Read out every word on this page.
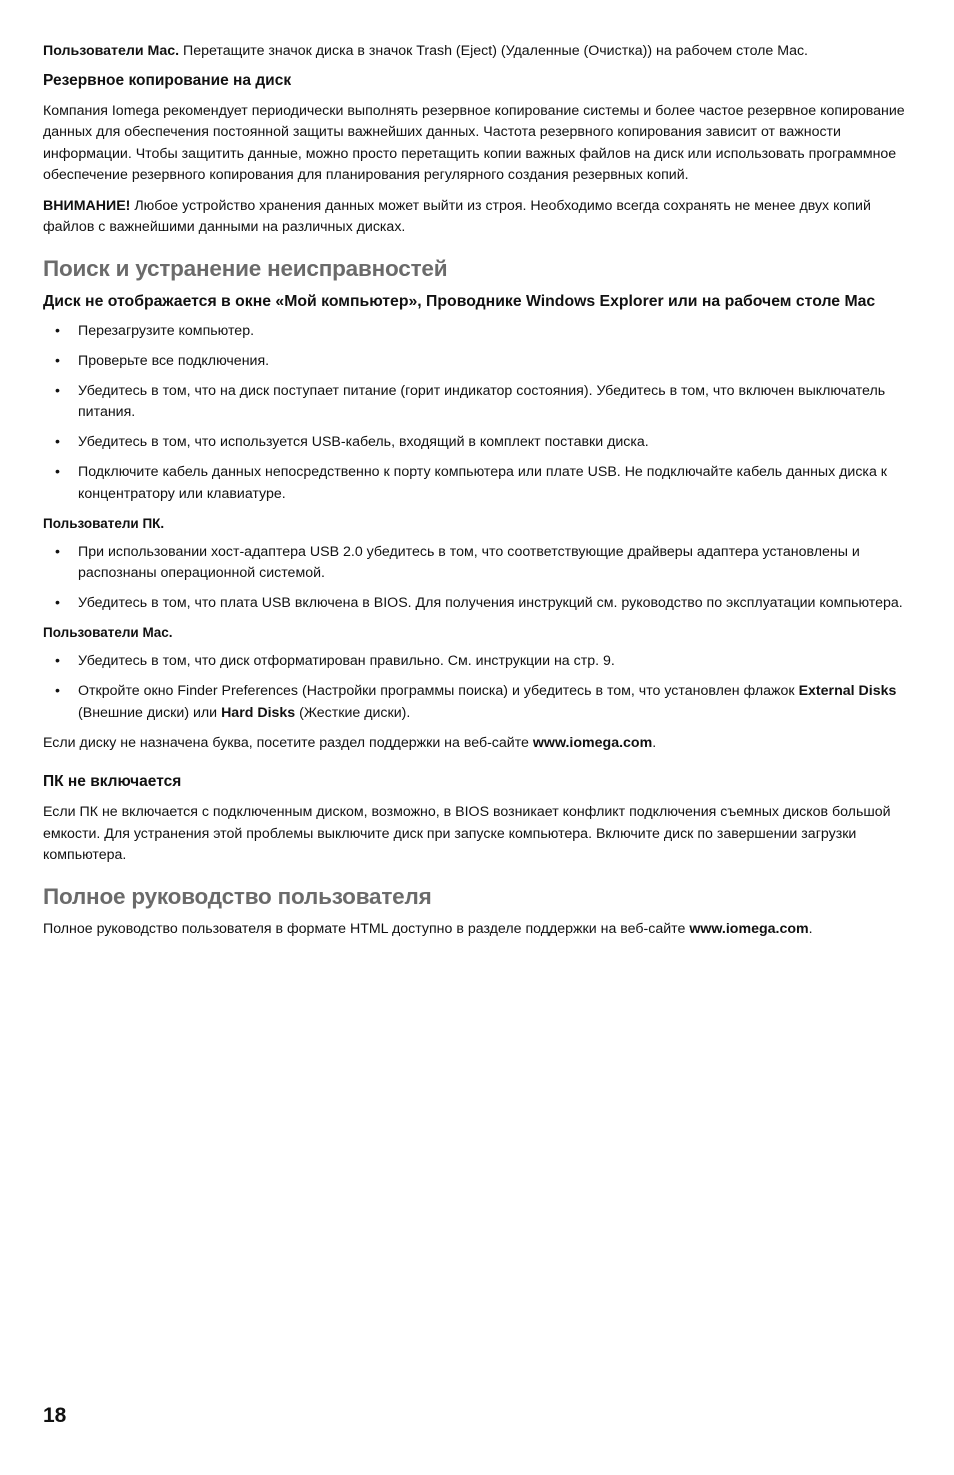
Пользователи Mac. Перетащите значок диска в значок Trash (Eject) (Удаленные (Очистка)) на рабочем столе Mac.

Резервное копирование на диск

Компания Iomega рекомендует периодически выполнять резервное копирование системы и более частое резервное копирование данных для обеспечения постоянной защиты важнейших данных. Частота резервного копирования зависит от важности информации. Чтобы защитить данные, можно просто перетащить копии важных файлов на диск или использовать программное обеспечение резервного копирования для планирования регулярного создания резервных копий.

ВНИМАНИЕ! Любое устройство хранения данных может выйти из строя. Необходимо всегда сохранять не менее двух копий файлов с важнейшими данными на различных дисках.

Поиск и устранение неисправностей
Диск не отображается в окне «Мой компьютер», Проводнике Windows Explorer или на рабочем столе Mac
• Перезагрузите компьютер.
• Проверьте все подключения.
• Убедитесь в том, что на диск поступает питание (горит индикатор состояния). Убедитесь в том, что включен выключатель питания.
• Убедитесь в том, что используется USB-кабель, входящий в комплект поставки диска.
• Подключите кабель данных непосредственно к порту компьютера или плате USB. Не подключайте кабель данных диска к концентратору или клавиатуре.
Пользователи ПК.
• При использовании хост-адаптера USB 2.0 убедитесь в том, что соответствующие драйверы адаптера установлены и распознаны операционной системой.
• Убедитесь в том, что плата USB включена в BIOS. Для получения инструкций см. руководство по эксплуатации компьютера.
Пользователи Mac.
• Убедитесь в том, что диск отформатирован правильно. См. инструкции на стр. 9.
• Откройте окно Finder Preferences (Настройки программы поиска) и убедитесь в том, что установлен флажок External Disks (Внешние диски) или Hard Disks (Жесткие диски).

Если диску не назначена буква, посетите раздел поддержки на веб-сайте www.iomega.com.

ПК не включается

Если ПК не включается с подключенным диском, возможно, в BIOS возникает конфликт подключения съемных дисков большой емкости. Для устранения этой проблемы выключите диск при запуске компьютера. Включите диск по завершении загрузки компьютера.

Полное руководство пользователя

Полное руководство пользователя в формате HTML доступно в разделе поддержки на веб-сайте www.iomega.com.

18
